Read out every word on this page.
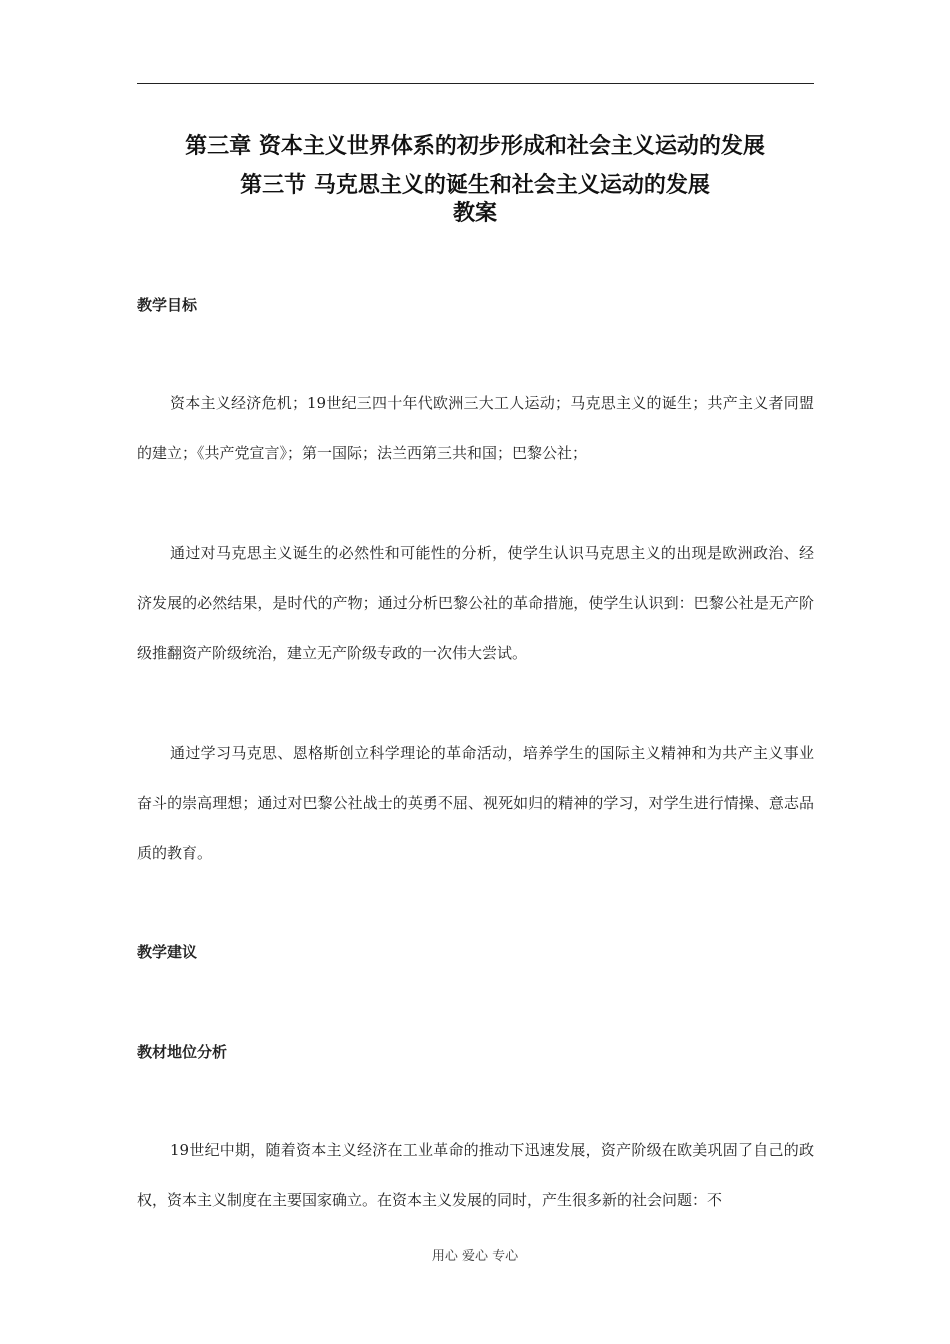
第三章 资本主义世界体系的初步形成和社会主义运动的发展
第三节 马克思主义的诞生和社会主义运动的发展
教案
教学目标

资本主义经济危机；19世纪三四十年代欧洲三大工人运动；马克思主义的诞生；共产主义者同盟的建立；《共产党宣言》；第一国际；法兰西第三共和国；巴黎公社；

通过对马克思主义诞生的必然性和可能性的分析，使学生认识马克思主义的出现是欧洲政治、经济发展的必然结果，是时代的产物；通过分析巴黎公社的革命措施，使学生认识到：巴黎公社是无产阶级推翻资产阶级统治，建立无产阶级专政的一次伟大尝试。

通过学习马克思、恩格斯创立科学理论的革命活动，培养学生的国际主义精神和为共产主义事业奋斗的崇高理想；通过对巴黎公社战士的英勇不屈、视死如归的精神的学习，对学生进行情操、意志品质的教育。

教学建议
教材地位分析

19世纪中期，随着资本主义经济在工业革命的推动下迅速发展，资产阶级在欧美巩固了自己的政权，资本主义制度在主要国家确立。在资本主义发展的同时，产生很多新的社会问题：不

用心 爱心 专心
